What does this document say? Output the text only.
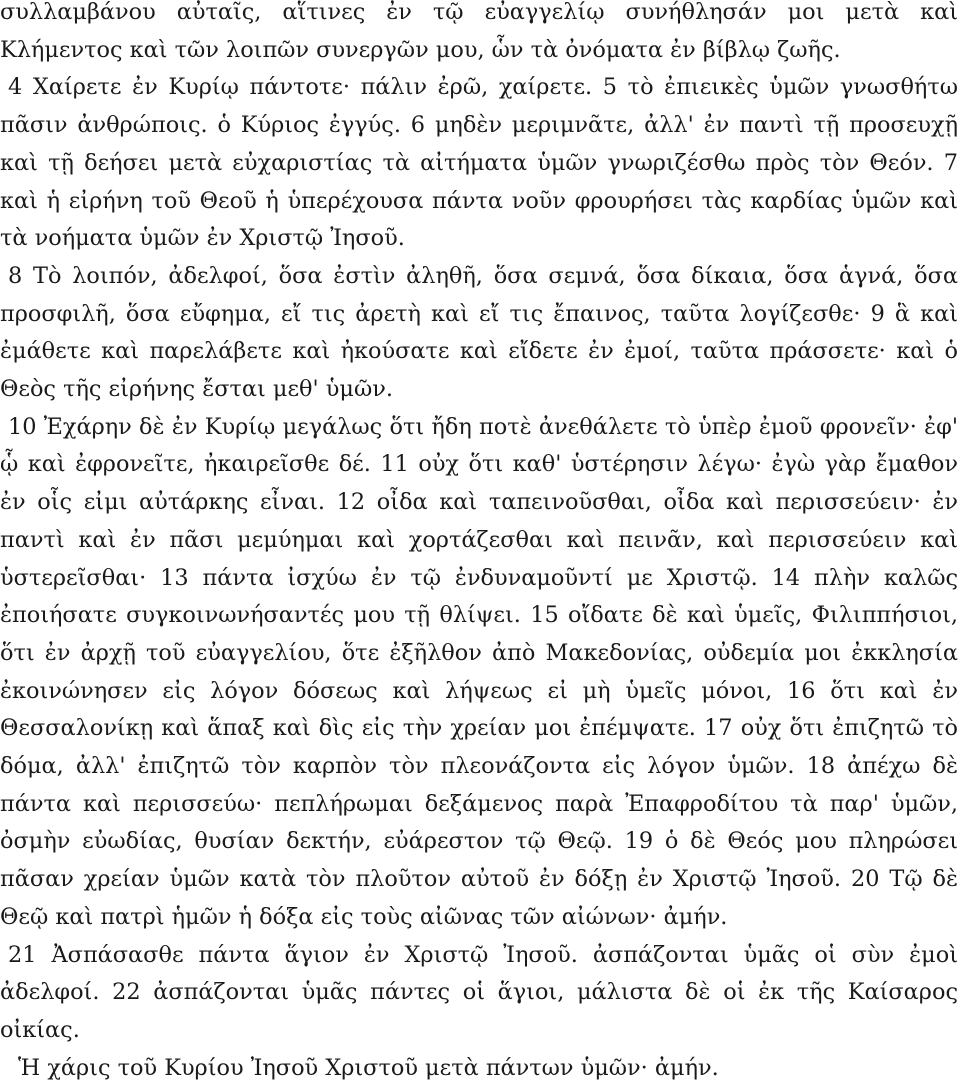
συλλαμβάνου αὐταῖς, αἵτινες ἐν τῷ εὐαγγελίῳ συνήθλησάν μοι μετὰ καὶ Κλήμεντος καὶ τῶν λοιπῶν συνεργῶν μου, ὧν τὰ ὀνόματα ἐν βίβλῳ ζωῆς.

4 Χαίρετε ἐν Κυρίῳ πάντοτε· πάλιν ἐρῶ, χαίρετε. 5 τὸ ἐπιεικὲς ὑμῶν γνωσθήτω πᾶσιν ἀνθρώποις. ὁ Κύριος ἐγγύς. 6 μηδὲν μεριμνᾶτε, ἀλλ' ἐν παντὶ τῇ προσευχῇ καὶ τῇ δεήσει μετὰ εὐχαριστίας τὰ αἰτήματα ὑμῶν γνωριζέσθω πρὸς τὸν Θεόν. 7 καὶ ἡ εἰρήνη τοῦ Θεοῦ ἡ ὑπερέχουσα πάντα νοῦν φρουρήσει τὰς καρδίας ὑμῶν καὶ τὰ νοήματα ὑμῶν ἐν Χριστῷ Ἰησοῦ.

8 Τὸ λοιπόν, ἀδελφοί, ὅσα ἐστὶν ἀληθῆ, ὅσα σεμνά, ὅσα δίκαια, ὅσα ἁγνά, ὅσα προσφιλῆ, ὅσα εὔφημα, εἴ τις ἀρετὴ καὶ εἴ τις ἔπαινος, ταῦτα λογίζεσθε· 9 ἃ καὶ ἐμάθετε καὶ παρελάβετε καὶ ἠκούσατε καὶ εἴδετε ἐν ἐμοί, ταῦτα πράσσετε· καὶ ὁ Θεὸς τῆς εἰρήνης ἔσται μεθ' ὑμῶν.

10 Ἐχάρην δὲ ἐν Κυρίῳ μεγάλως ὅτι ἤδη ποτὲ ἀνεθάλετε τὸ ὑπὲρ ἐμοῦ φρονεῖν· ἐφ' ᾧ καὶ ἐφρονεῖτε, ἠκαιρεῖσθε δέ. 11 οὐχ ὅτι καθ' ὑστέρησιν λέγω· ἐγὼ γὰρ ἔμαθον ἐν οἷς εἰμι αὐτάρκης εἶναι. 12 οἶδα καὶ ταπεινοῦσθαι, οἶδα καὶ περισσεύειν· ἐν παντὶ καὶ ἐν πᾶσι μεμύημαι καὶ χορτάζεσθαι καὶ πεινᾶν, καὶ περισσεύειν καὶ ὑστερεῖσθαι· 13 πάντα ἰσχύω ἐν τῷ ἐνδυναμοῦντί με Χριστῷ. 14 πλὴν καλῶς ἐποιήσατε συγκοινωνήσαντές μου τῇ θλίψει. 15 οἴδατε δὲ καὶ ὑμεῖς, Φιλιππήσιοι, ὅτι ἐν ἀρχῇ τοῦ εὐαγγελίου, ὅτε ἐξῆλθον ἀπὸ Μακεδονίας, οὐδεμία μοι ἐκκλησία ἐκοινώνησεν εἰς λόγον δόσεως καὶ λήψεως εἰ μὴ ὑμεῖς μόνοι, 16 ὅτι καὶ ἐν Θεσσαλονίκῃ καὶ ἅπαξ καὶ δὶς εἰς τὴν χρείαν μοι ἐπέμψατε. 17 οὐχ ὅτι ἐπιζητῶ τὸ δόμα, ἀλλ' ἐπιζητῶ τὸν καρπὸν τὸν πλεονάζοντα εἰς λόγον ὑμῶν. 18 ἀπέχω δὲ πάντα καὶ περισσεύω· πεπλήρωμαι δεξάμενος παρὰ Ἐπαφροδίτου τὰ παρ' ὑμῶν, ὀσμὴν εὐωδίας, θυσίαν δεκτήν, εὐάρεστον τῷ Θεῷ. 19 ὁ δὲ Θεός μου πληρώσει πᾶσαν χρείαν ὑμῶν κατὰ τὸν πλοῦτον αὐτοῦ ἐν δόξῃ ἐν Χριστῷ Ἰησοῦ. 20 Τῷ δὲ Θεῷ καὶ πατρὶ ἡμῶν ἡ δόξα εἰς τοὺς αἰῶνας τῶν αἰώνων· ἀμήν.

21 Ἀσπάσασθε πάντα ἅγιον ἐν Χριστῷ Ἰησοῦ. ἀσπάζονται ὑμᾶς οἱ σὺν ἐμοὶ ἀδελφοί. 22 ἀσπάζονται ὑμᾶς πάντες οἱ ἅγιοι, μάλιστα δὲ οἱ ἐκ τῆς Καίσαρος οἰκίας.

Ἡ χάρις τοῦ Κυρίου Ἰησοῦ Χριστοῦ μετὰ πάντων ὑμῶν· ἀμήν.
